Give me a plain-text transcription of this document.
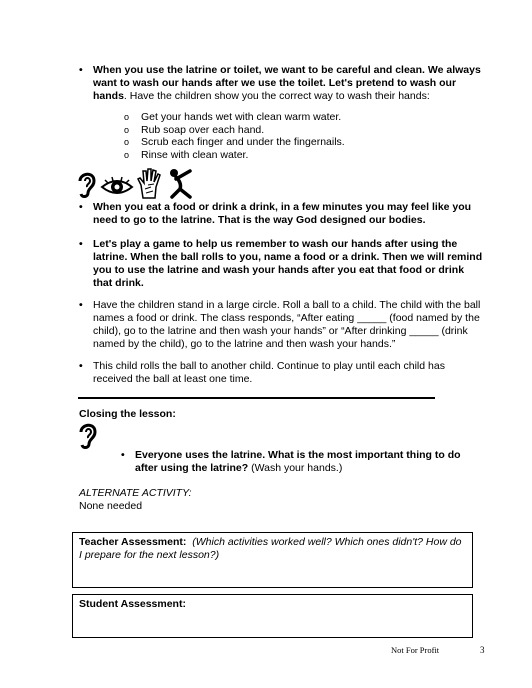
• When you use the latrine or toilet, we want to be careful and clean. We always want to wash our hands after we use the toilet. Let's pretend to wash our hands. Have the children show you the correct way to wash their hands:
o	Get your hands wet with clean warm water.
o	Rub soap over each hand.
o	Scrub each finger and under the fingernails.
o	Rinse with clean water.
• When you eat a food or drink a drink, in a few minutes you may feel like you need to go to the latrine. That is the way God designed our bodies.
• Let's play a game to help us remember to wash our hands after using the latrine. When the ball rolls to you, name a food or a drink. Then we will remind you to use the latrine and wash your hands after you eat that food or drink that drink.
• Have the children stand in a large circle. Roll a ball to a child. The child with the ball names a food or drink. The class responds, “After eating _____ (food named by the child), go to the latrine and then wash your hands” or “After drinking _____ (drink named by the child), go to the latrine and then wash your hands.”
• This child rolls the ball to another child. Continue to play until each child has received the ball at least one time.
Closing the lesson:
• Everyone uses the latrine. What is the most important thing to do after using the latrine? (Wash your hands.)
ALTERNATE ACTIVITY:
None needed
Teacher Assessment: (Which activities worked well? Which ones didn't? How do I prepare for the next lesson?)
Student Assessment:
Not For Profit	3
